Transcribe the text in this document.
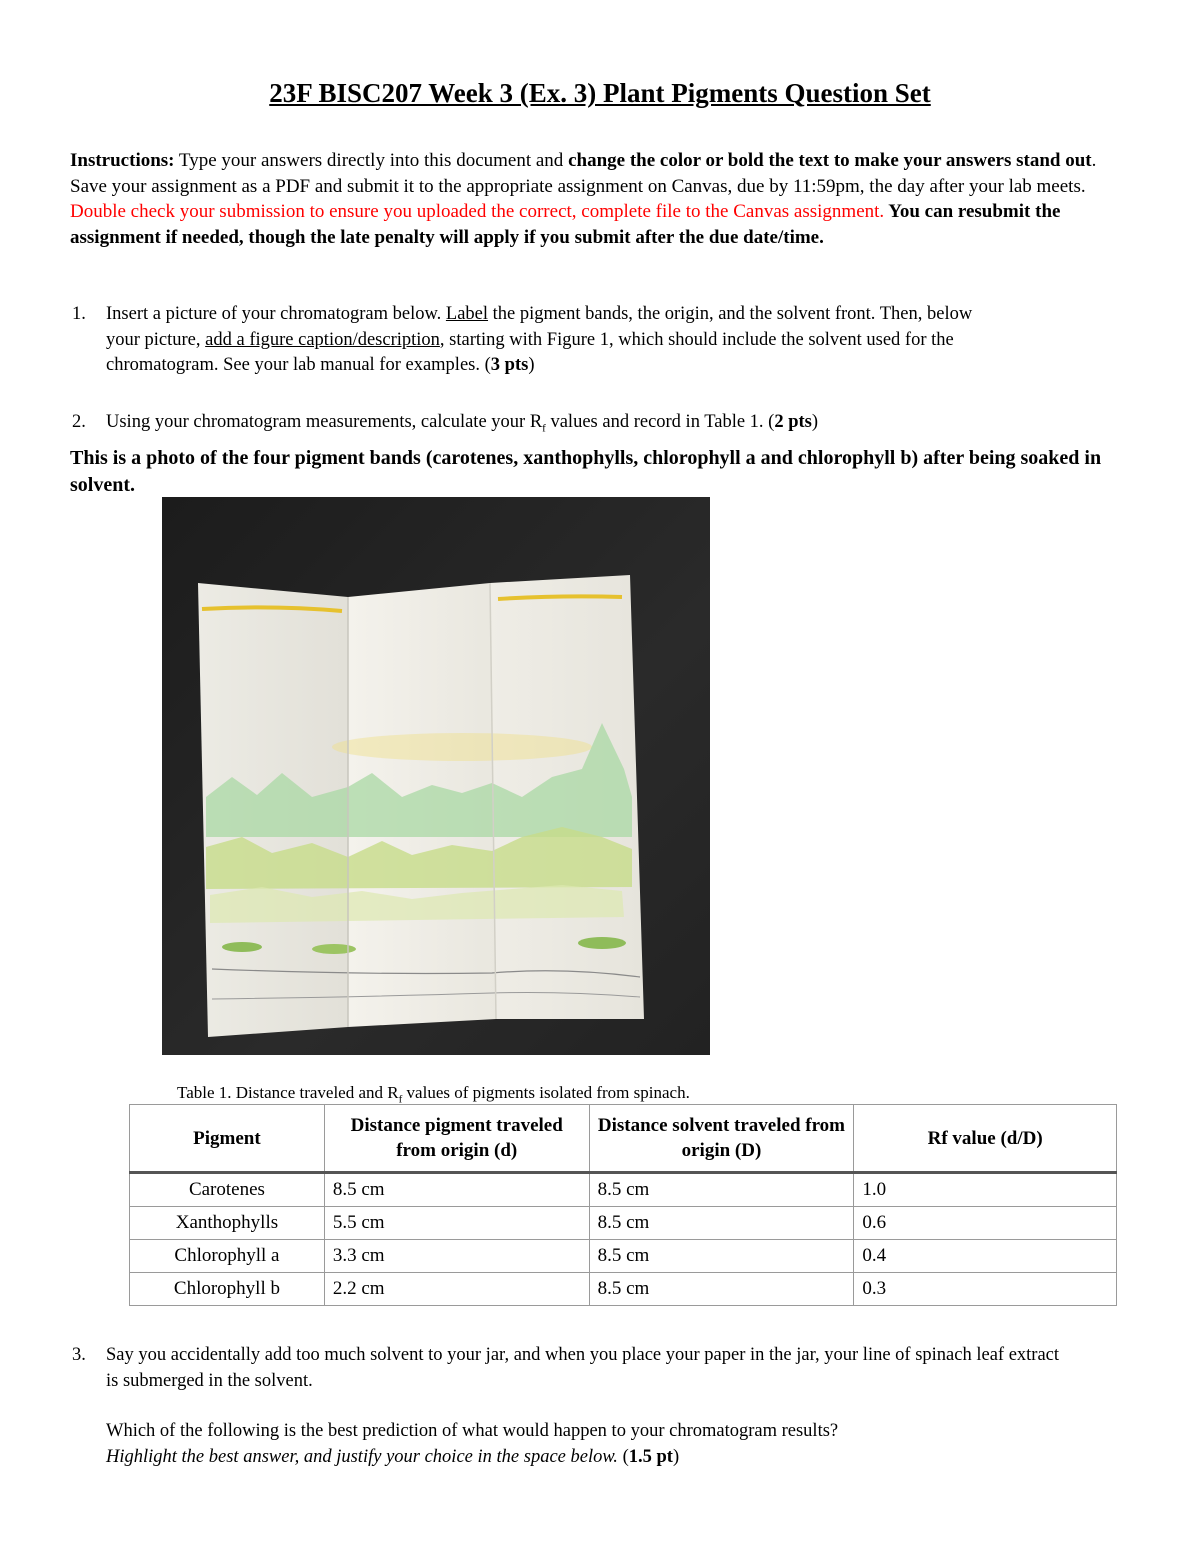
23F BISC207 Week 3 (Ex. 3) Plant Pigments Question Set
Instructions: Type your answers directly into this document and change the color or bold the text to make your answers stand out. Save your assignment as a PDF and submit it to the appropriate assignment on Canvas, due by 11:59pm, the day after your lab meets. Double check your submission to ensure you uploaded the correct, complete file to the Canvas assignment. You can resubmit the assignment if needed, though the late penalty will apply if you submit after the due date/time.
1. Insert a picture of your chromatogram below. Label the pigment bands, the origin, and the solvent front. Then, below your picture, add a figure caption/description, starting with Figure 1, which should include the solvent used for the chromatogram. See your lab manual for examples. (3 pts)
2. Using your chromatogram measurements, calculate your $R_f$ values and record in Table 1. (2 pts)
This is a photo of the four pigment bands (carotenes, xanthophylls, chlorophyll a and chlorophyll b) after being soaked in solvent.
Table 1. Distance traveled and $R_f$ values of pigments isolated from spinach.
Pigment	Distance pigment traveled from origin (d)	Distance solvent traveled from origin (D)	Rf value (d/D)
Carotenes	8.5 cm	8.5 cm	1.0
Xanthophylls	5.5 cm	8.5 cm	0.6
Chlorophyll a	3.3 cm	8.5 cm	0.4
Chlorophyll b	2.2 cm	8.5 cm	0.3
3. Say you accidentally add too much solvent to your jar, and when you place your paper in the jar, your line of spinach leaf extract is submerged in the solvent.
Which of the following is the best prediction of what would happen to your chromatogram results?
Highlight the best answer, and justify your choice in the space below. (1.5 pt)
